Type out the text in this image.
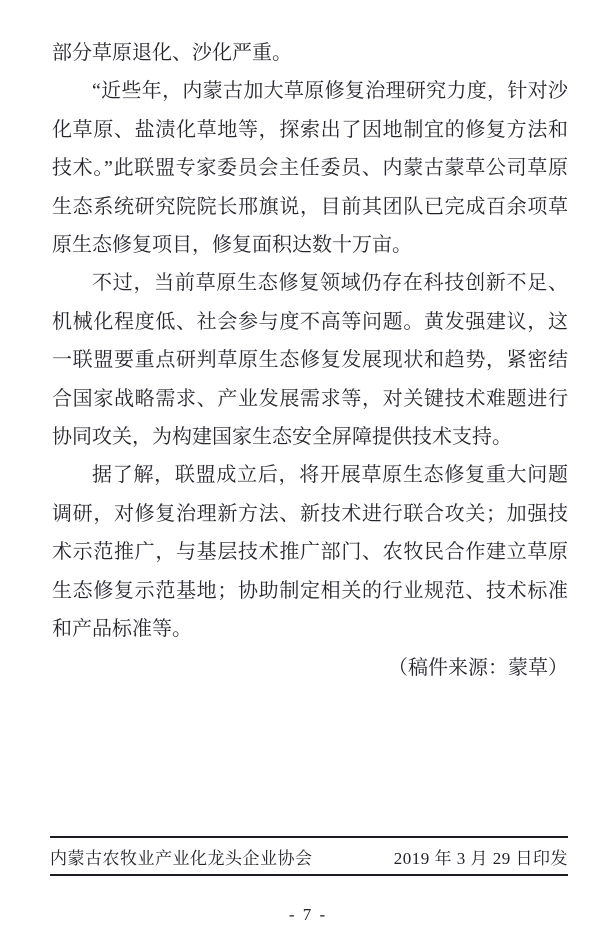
部分草原退化、沙化严重。

“近些年，内蒙古加大草原修复治理研究力度，针对沙化草原、盐渍化草地等，探索出了因地制宜的修复方法和技术。”此联盟专家委员会主任委员、内蒙古蒙草公司草原生态系统研究院院长邢旗说，目前其团队已完成百余项草原生态修复项目，修复面积达数十万亩。

不过，当前草原生态修复领域仍存在科技创新不足、机械化程度低、社会参与度不高等问题。黄发强建议，这一联盟要重点研判草原生态修复发展现状和趋势，紧密结合国家战略需求、产业发展需求等，对关键技术难题进行协同攻关，为构建国家生态安全屏障提供技术支持。

据了解，联盟成立后，将开展草原生态修复重大问题调研，对修复治理新方法、新技术进行联合攻关；加强技术示范推广，与基层技术推广部门、农牧民合作建立草原生态修复示范基地；协助制定相关的行业规范、技术标准和产品标准等。

（稿件来源：蒙草）

内蒙古农牧业产业化龙头企业协会	2019 年 3 月 29 日印发
- 7 -
